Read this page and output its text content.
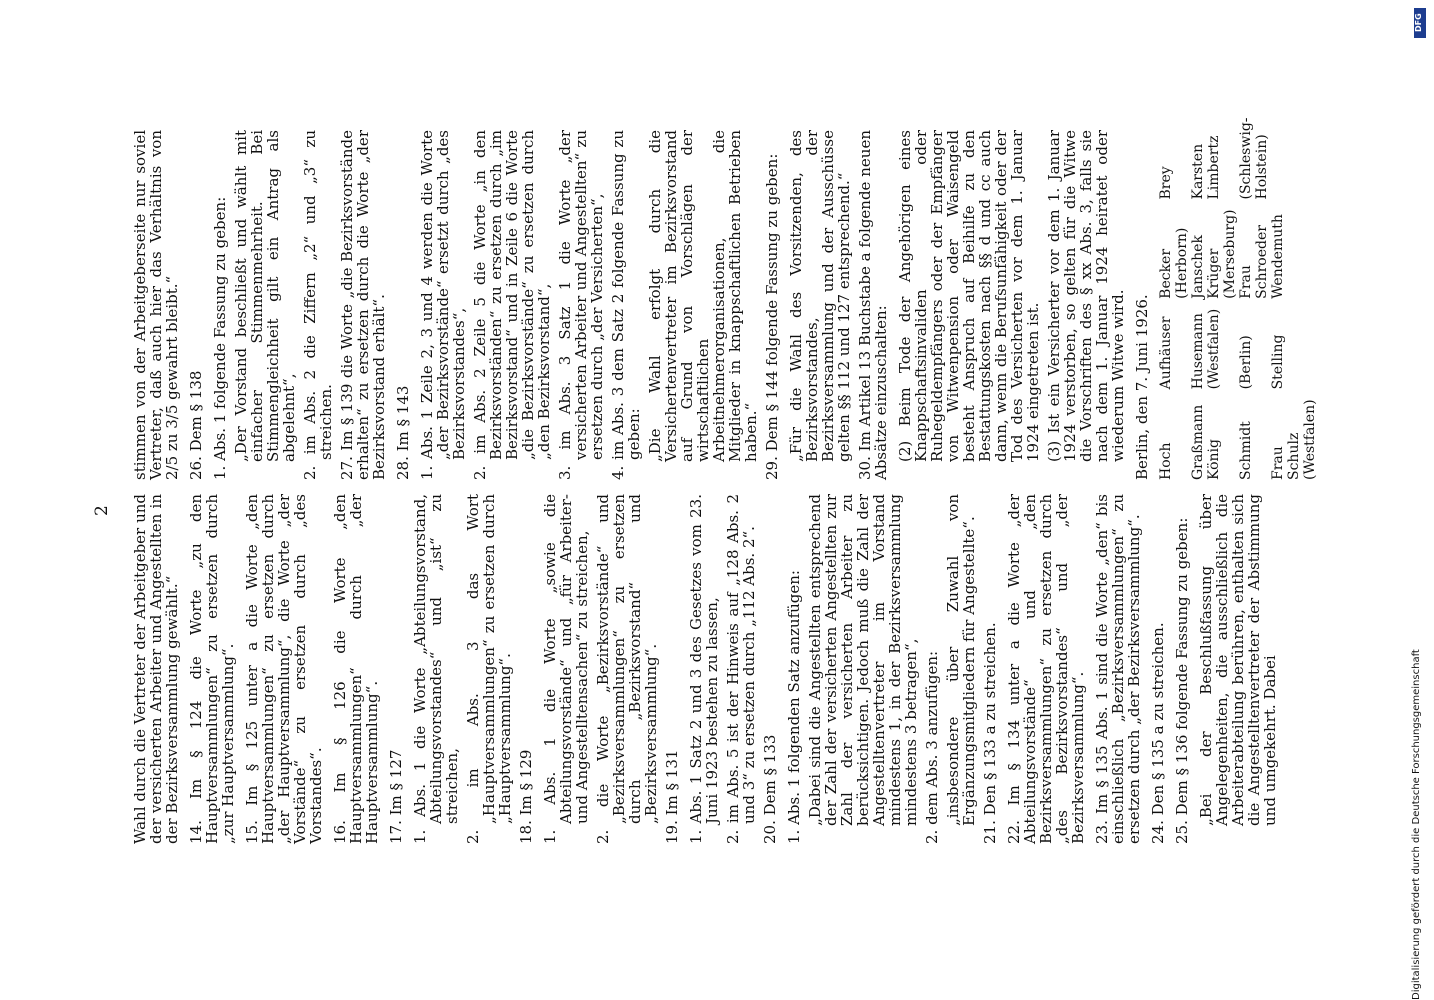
2 Wahl durch die Vertreter der Arbeitgeber und der versicherten Arbeiter und Angestellten in der Bezirksversammlung gewählt.“ 14. Im § 124 die Worte „zu den Hauptversammlungen“ zu ersetzen durch „zur Hauptversammlung“. 15. Im § 125 unter a die Worte „den Hauptversammlungen“ zu ersetzen durch „der Hauptversammlung“, die Worte „der Vorstände“ zu ersetzen durch „des Vorstandes“. 16. Im § 126 die Worte „den Hauptversammlungen“ durch „der Hauptversammlung“. 17. Im § 127 1. Abs. 1 die Worte „Abteilungsvorstand, Abteilungsvorstandes“ und „ist“ zu streichen, 2. im Abs. 3 das Wort „Hauptversammlungen“ zu ersetzen durch „Hauptversammlung“. 18. Im § 129 1. Abs. 1 die Worte „sowie die Abteilungsvorstände“ und „für Arbeiter- und Angestelltensachen“ zu streichen, 2. die Worte „Bezirksvorstände“ und „Bezirksversammlungen“ zu ersetzen durch „Bezirksvorstand“ und „Bezirksversammlung“. 19. Im § 131 1. Abs. 1 Satz 2 und 3 des Gesetzes vom 23. Juni 1923 bestehen zu lassen, 2. im Abs. 5 ist der Hinweis auf „128 Abs. 2 und 3“ zu ersetzen durch „112 Abs. 2“. 20. Dem § 133 1. Abs. 1 folgenden Satz anzufügen: „Dabei sind die Angestellten entsprechend der Zahl der versicherten Angestellten zur Zahl der versicherten Arbeiter zu berücksichtigen. Jedoch muß die Zahl der Angestelltenvertreter im Vorstand mindestens 1, in der Bezirksversammlung mindestens 3 betragen“, 2. dem Abs. 3 anzufügen: „insbesondere über Zuwahl von Ergänzungsmitgliedern für Angestellte“. 21. Den § 133 a zu streichen. 22. Im § 134 unter a die Worte „der Abteilungsvorstände“ und „den Bezirksversammlungen“ zu ersetzen durch „des Bezirksvorstandes“ und „der Bezirksversammlung“. 23. Im § 135 Abs. 1 sind die Worte „den“ bis einschließlich „Bezirksversammlungen“ zu ersetzen durch „der Bezirksversammlung“. 24. Den § 135 a zu streichen. 25. Dem § 136 folgende Fassung zu geben: „Bei der Beschlußfassung über Angelegenheiten, die ausschließlich die Arbeiterabteilung berühren, enthalten sich die Angestelltenvertreter der Abstimmung und umgekehrt. Dabei

stimmen von der Arbeitgeberseite nur soviel Vertreter, daß auch hier das Verhältnis von 2/5 zu 3/5 gewahrt bleibt.“ 26. Dem § 138 1. Abs. 1 folgende Fassung zu geben: „Der Vorstand beschließt und wählt mit einfacher Stimmenmehrheit. Bei Stimmengleichheit gilt ein Antrag als abgelehnt“, 2. im Abs. 2 die Ziffern „2“ und „3“ zu streichen. 27. Im § 139 die Worte „die Bezirksvorstände erhalten“ zu ersetzen durch die Worte „der Bezirksvorstand erhält“. 28. Im § 143 1. Abs. 1 Zeile 2, 3 und 4 werden die Worte „der Bezirksvorstände“ ersetzt durch „des Bezirksvorstandes“, 2. im Abs. 2 Zeile 5 die Worte „in den Bezirksvorständen“ zu ersetzen durch „im Bezirksvorstand“ und in Zeile 6 die Worte „die Bezirksvorstände“ zu ersetzen durch „den Bezirksvorstand“, 3. im Abs. 3 Satz 1 die Worte „der versicherten Arbeiter und Angestellten“ zu ersetzen durch „der Versicherten“, 4. im Abs. 3 dem Satz 2 folgende Fassung zu geben: „Die Wahl erfolgt durch die Versichertenvertreter im Bezirksvorstand auf Grund von Vorschlägen der wirtschaftlichen Arbeitnehmerorganisationen, die Mitglieder in knappschaftlichen Betrieben haben.“ 29. Dem § 144 folgende Fassung zu geben: „Für die Wahl des Vorsitzenden, des Bezirksvorstandes, der Bezirksversammlung und der Ausschüsse gelten §§ 112 und 127 entsprechend.“ 30. Im Artikel 13 Buchstabe a folgende neuen Absätze einzuschalten: (2) Beim Tode der Angehörigen eines Knappschaftsinvaliden oder Ruhegeldempfängers oder der Empfänger von Witwenpension oder Waisengeld besteht Anspruch auf Beihilfe zu den Bestattungskosten nach §§ d und cc auch dann, wenn die Berufsunfähigkeit oder der Tod des Versicherten vor dem 1. Januar 1924 eingetreten ist. (3) Ist ein Versicherter vor dem 1. Januar 1924 verstorben, so gelten für die Witwe die Vorschriften des § xx Abs. 3, falls sie nach dem 1. Januar 1924 heiratet oder wiederum Witwe wird. Berlin, den 7. Juni 1926. Hoch
Aufhäuser
Becker (Herborn)
Brey
Graßmann
Husemann
Janschek
Karsten
König
(Westfalen)
Krüger (Merseburg)
Limbertz
Schmidt
(Berlin)
Frau Schroeder
(Schleswig-Holstein)
Frau Schulz (Westfalen)
Stelling
Wendemuth
Digitalisierung gefördert durch die Deutsche Forschungsgemeinschaft
DFG
